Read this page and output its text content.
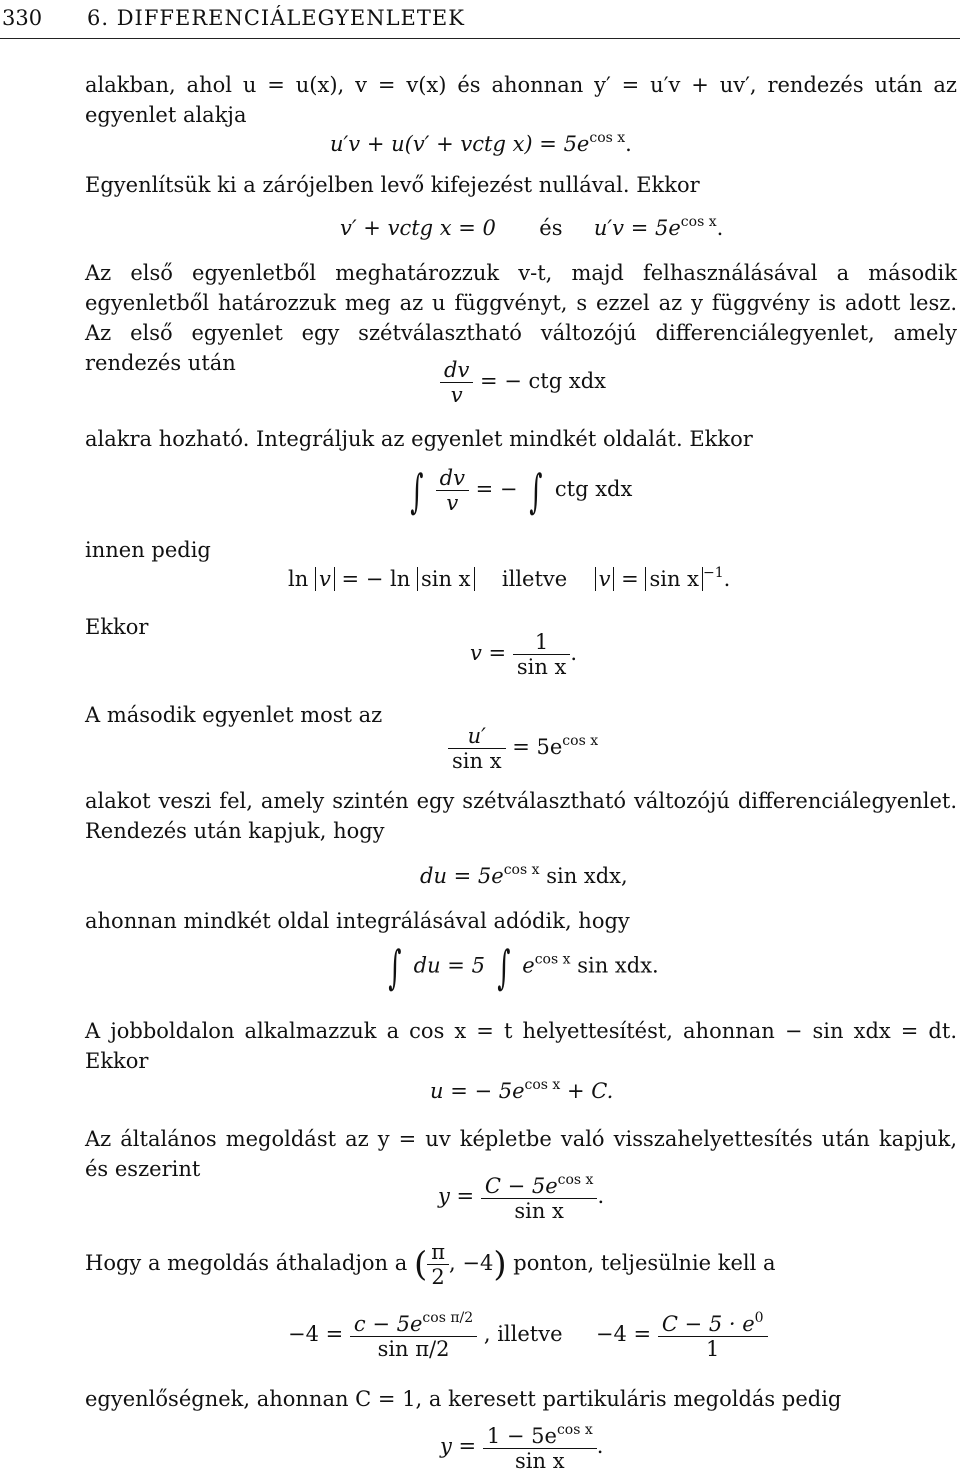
330 6. DIFFERENCIÁLEGYENLETEK
alakban, ahol u = u(x), v = v(x) és ahonnan y′ = u′v + uv′, rendezés után az egyenlet alakja
u′v + u(v′ + vctg $x) = 5e^{cos x}$.
Egyenlítsük ki a zárójelben levő kifejezést nullával. Ekkor
v′ + vctg x = 0 és $u'v = 5e^{cos x}$.
Az első egyenletből meghatározzuk v-t, majd felhasználásával a második egyenletből határozzuk meg az u függvényt, s ezzel az y függvény is adott lesz. Az első egyenlet egy szétválasztható változójú differenciálegyenlet, amely rendezés után	$\frac{dv}{v}$ = − ctg xdx
alakra hozható. Integráljuk az egyenlet mindkét oldalát. Ekkor
∫ $\frac{dv}{v}$ = − ∫ ctg xdx
innen pedig
ln v = − ln sin x illetve v = sin x $^{-1}$.
Ekkor
$v = \frac{1}{\text{sin x}}$ .
A második egyenlet most az
$\frac{u'}{\text{sin x}} = 5e^{cos x}$
alakot veszi fel, amely szintén egy szétválasztható változójú differenciálegyenlet. Rendezés után kapjuk, hogy
du = $5e^{cos x}$ sin xdx,
ahonnan mindkét oldal integrálásával adódik, hogy
∫ du = 5 ∫ $e^{cos x}$ sin xdx.
A jobboldalon alkalmazzuk a cos x = t helyettesítést, ahonnan − sin xdx = dt. Ekkor
u = − $5e^{cos x} + C$.
Az általános megoldást az y = uv képletbe való visszahelyettesítés után kapjuk, és eszerint
$y = \frac{C - 5e^{cos x}}{\text{sin x}}$ .
Hogy a megoldás áthaladjon a ( $\frac{\pi}{2}$ , −4) ponton, teljesülnie kell a
$-4 = \frac{c - 5e^{cos \pi/2}}{\text{sin π/2}}$ , illetve $-4 = \frac{C - 5 \cdot e^0}{1}$
egyenlőségnek, ahonnan C = 1, a keresett partikuláris megoldás pedig
$y = \frac{1 - 5e^{cos x}}{\text{sin x}}$ .
